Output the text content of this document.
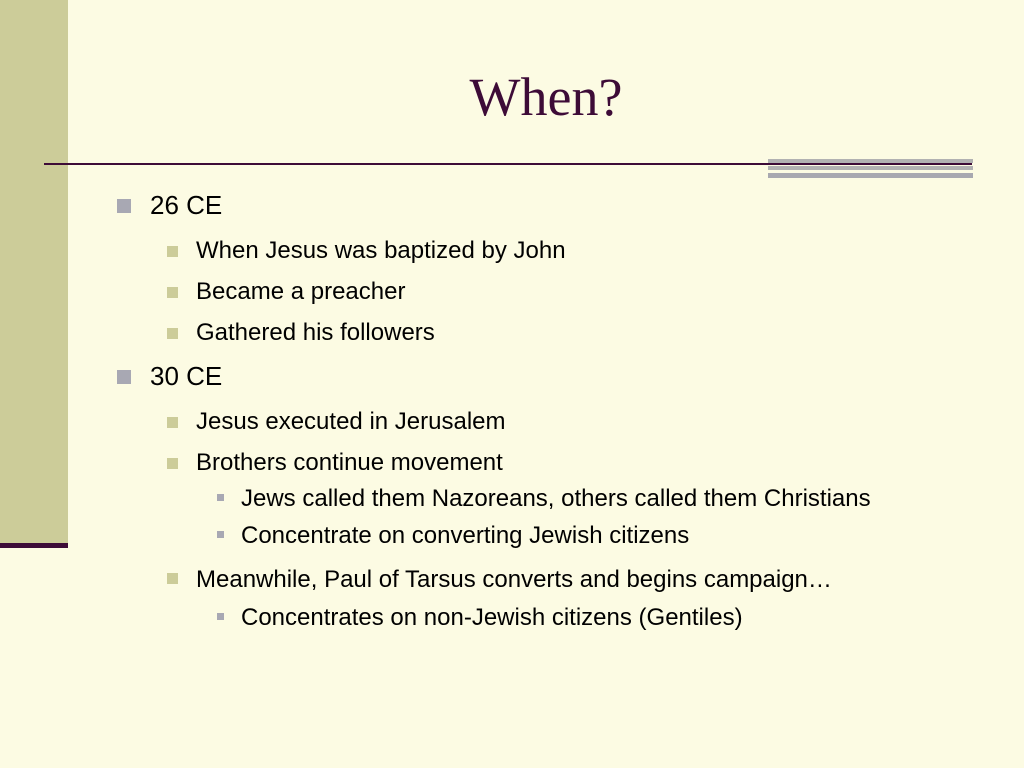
When?
26 CE
When Jesus was baptized by John
Became a preacher
Gathered his followers
30 CE
Jesus executed in Jerusalem
Brothers continue movement
Jews called them Nazoreans, others called them Christians
Concentrate on converting Jewish citizens
Meanwhile, Paul of Tarsus converts and begins campaign…
Concentrates on non-Jewish citizens (Gentiles)
